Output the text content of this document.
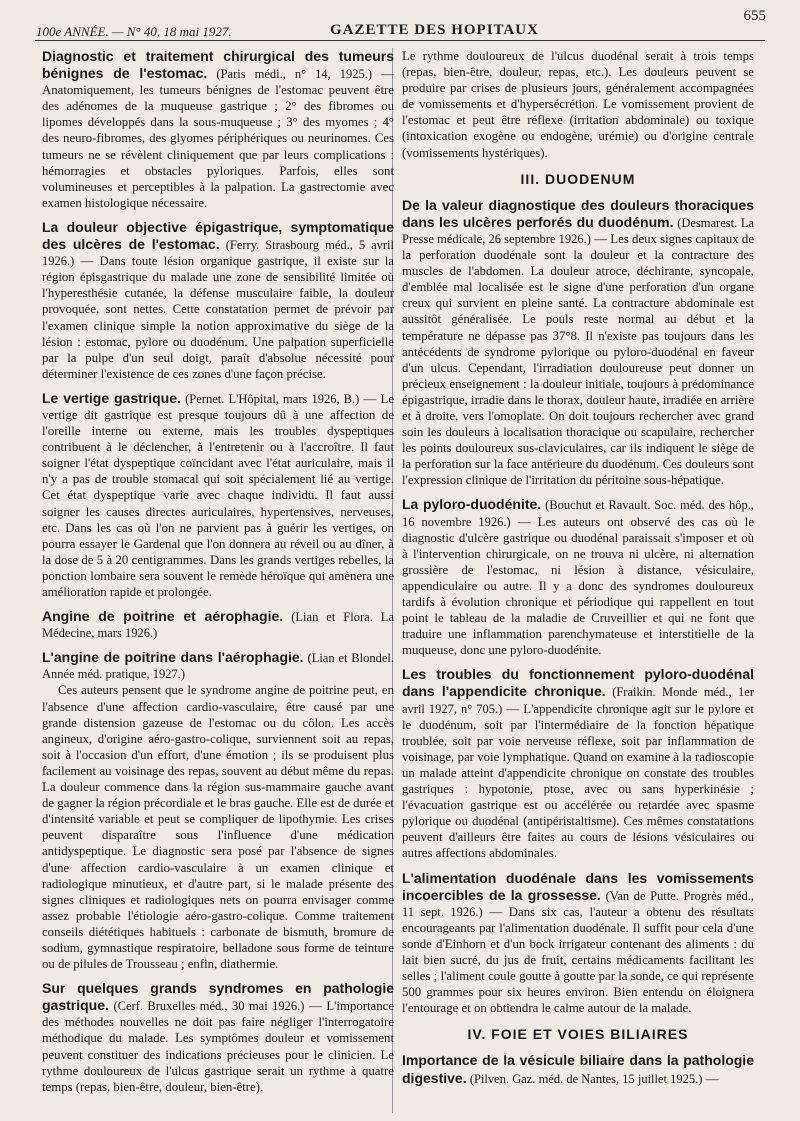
100e ANNÉE. — N° 40, 18 mai 1927.	GAZETTE DES HOPITAUX
655
Diagnostic et traitement chirurgical des tumeurs bénignes de l'estomac. (Paris médi., n° 14, 1925.) — Anatomiquement, les tumeurs bénignes de l'estomac peuvent être des adénomes de la muqueuse gastrique ; 2° des fibromes ou lipomes développés dans la sous-muqueuse ; 3° des myomes ; 4° des neuro-fibromes, des glyomes périphériques ou neurinomes. Ces tumeurs ne se révèlent cliniquement que par leurs complications : hémorragies et obstacles pyloriques. Parfois, elles sont volumineuses et perceptibles à la palpation. La gastrectomie avec examen histologique nécessaire.
La douleur objective épigastrique, symptomatique des ulcères de l'estomac. (Ferry. Strasbourg méd., 5 avril 1926.) — Dans toute lésion organique gastrique, il existe sur la région épisgastrique du malade une zone de sensibilité limitée où l'hyperesthésie cutanée, la défense musculaire faible, la douleur provoquée, sont nettes. Cette constatation permet de prévoir par l'examen clinique simple la notion approximative du siège de la lésion : estomac, pylore ou duodénum. Une palpation superficielle par la pulpe d'un seul doigt, paraît d'absolue nécessité pour déterminer l'existence de ces zones d'une façon précise.
Le vertige gastrique. (Pernet. L'Hôpital, mars 1926, B.) — Le vertige dit gastrique est presque toujours dû à une affection de l'oreille interne ou externe, mais les troubles dyspeptiques contribuent à le déclencher, à l'entretenir ou à l'accroître. Il faut soigner l'état dyspeptique coïncidant avec l'état auriculaire, mais il n'y a pas de trouble stomacal qui soit spécialement lié au vertige. Cet état dyspeptique varie avec chaque individu. Il faut aussi soigner les causes directes auriculaires, hypertensives, nerveuses, etc. Dans les cas où l'on ne parvient pas à guérir les vertiges, on pourra essayer le Gardenal que l'on donnera au réveil ou au dîner, à la dose de 5 à 20 centigrammes. Dans les grands vertiges rebelles, la ponction lombaire sera souvent le remède héroïque qui amènera une amélioration rapide et prolongée.
Angine de poitrine et aérophagie. (Lian et Flora. La Médecine, mars 1926.)
L'angine de poitrine dans l'aérophagie. (Lian et Blondel. Année méd. pratique, 1927.)
Ces auteurs pensent que le syndrome angine de poitrine peut, en l'absence d'une affection cardio-vasculaire, être causé par une grande distension gazeuse de l'estomac ou du côlon. Les accès angineux, d'origine aéro-gastro-colique, surviennent soit au repas, soit à l'occasion d'un effort, d'une émotion ; ils se produisent plus facilement au voisinage des repas, souvent au début même du repas. La douleur commence dans la région sus-mammaire gauche avant de gagner la région précordiale et le bras gauche. Elle est de durée et d'intensité variable et peut se compliquer de lipothymie. Les crises peuvent disparaître sous l'influence d'une médication antidyspeptique. Le diagnostic sera posé par l'absence de signes d'une affection cardio-vasculaire à un examen clinique et radiologique minutieux, et d'autre part, si le malade présente des signes cliniques et radiologiques nets on pourra envisager comme assez probable l'étiologie aéro-gastro-colique. Comme traitement conseils diététiques habituels : carbonate de bismuth, bromure de sodium, gymnastique respiratoire, belladone sous forme de teinture ou de pilules de Trousseau ; enfin, diathermie.
Sur quelques grands syndromes en pathologie gastrique. (Cerf. Bruxelles méd., 30 mai 1926.) — L'importance des méthodes nouvelles ne doit pas faire négliger l'interrogatoire méthodique du malade. Les symptômes douleur et vomissement peuvent constituer des indications précieuses pour le clinicien. Le rythme douloureux de l'ulcus gastrique serait un rythme à quatre temps (repas, bien-être, douleur, bien-être).
Le rythme douloureux de l'ulcus duodénal serait à trois temps (repas, bien-être, douleur, repas, etc.). Les douleurs peuvent se produire par crises de plusieurs jours, généralement accompagnées de vomissements et d'hypersécrétion. Le vomissement provient de l'estomac et peut être réflexe (irritation abdominale) ou toxique (intoxication exogène ou endogène, urémie) ou d'origine centrale (vomissements hystériques).
III. DUODENUM
De la valeur diagnostique des douleurs thoraciques dans les ulcères perforés du duodénum. (Desmarest. La Presse médicale, 26 septembre 1926.) — Les deux signes capitaux de la perforation duodénale sont la douleur et la contracture des muscles de l'abdomen. La douleur atroce, déchirante, syncopale, d'emblée mal localisée est le signe d'une perforation d'un organe creux qui survient en pleine santé. La contracture abdominale est aussitôt généralisée. Le pouls reste normal au début et la température ne dépasse pas 37°8. Il n'existe pas toujours dans les antécédents de syndrome pylorique ou pyloro-duodénal en faveur d'un ulcus. Cependant, l'irradiation douloureuse peut donner un précieux enseignement : la douleur initiale, toujours à prédominance épigastrique, irradie dans le thorax, douleur haute, irradiée en arrière et à droite, vers l'omoplate. On doit toujours rechercher avec grand soin les douleurs à localisation thoracique ou scapulaire, rechercher les points douloureux sus-claviculaires, car ils indiquent le siège de la perforation sur la face antérieure du duodénum. Ces douleurs sont l'expression clinique de l'irritation du péritoine sous-hépatique.
La pyloro-duodénite. (Bouchut et Ravault. Soc. méd. des hôp., 16 novembre 1926.) — Les auteurs ont observé des cas où le diagnostic d'ulcère gastrique ou duodénal paraissait s'imposer et où à l'intervention chirurgicale, on ne trouva ni ulcère, ni alternation grossière de l'estomac, ni lésion à distance, vésiculaire, appendiculaire ou autre. Il y a donc des syndromes douloureux tardifs à évolution chronique et périodique qui rappellent en tout point le tableau de la maladie de Cruveillier et qui ne font que traduire une inflammation parenchymateuse et interstitielle de la muqueuse, donc une pyloro-duodénite.
Les troubles du fonctionnement pyloro-duodénal dans l'appendicite chronique. (Fraikin. Monde méd., 1er avril 1927, n° 705.) — L'appendicite chronique agit sur le pylore et le duodénum, soit par l'intermédiaire de la fonction hépatique troublée, soit par voie nerveuse réflexe, soit par inflammation de voisinage, par voie lymphatique. Quand on examine à la radioscopie un malade atteint d'appendicite chronique on constate des troubles gastriques : hypotonie, ptose, avec ou sans hyperkinésie ; l'évacuation gastrique est ou accélérée ou retardée avec spasme pylorique ou duodénal (antipéristaltisme). Ces mêmes constatations peuvent d'ailleurs être faites au cours de lésions vésiculaires ou autres affections abdominales.
L'alimentation duodénale dans les vomissements incoercibles de la grossesse. (Van de Putte. Progrès méd., 11 sept. 1926.) — Dans six cas, l'auteur a obtenu des résultats encourageants par l'alimentation duodénale. Il suffit pour cela d'une sonde d'Einhorn et d'un bock irrigateur contenant des aliments : du lait bien sucré, du jus de fruit, certains médicaments facilitant les selles ; l'aliment coule goutte à goutte par la sonde, ce qui représente 500 grammes pour six heures environ. Bien entendu on éloignera l'entourage et on obtiendra le calme autour de la malade.
IV. FOIE ET VOIES BILIAIRES
Importance de la vésicule biliaire dans la pathologie digestive. (Pilven. Gaz. méd. de Nantes, 15 juillet 1925.) —
